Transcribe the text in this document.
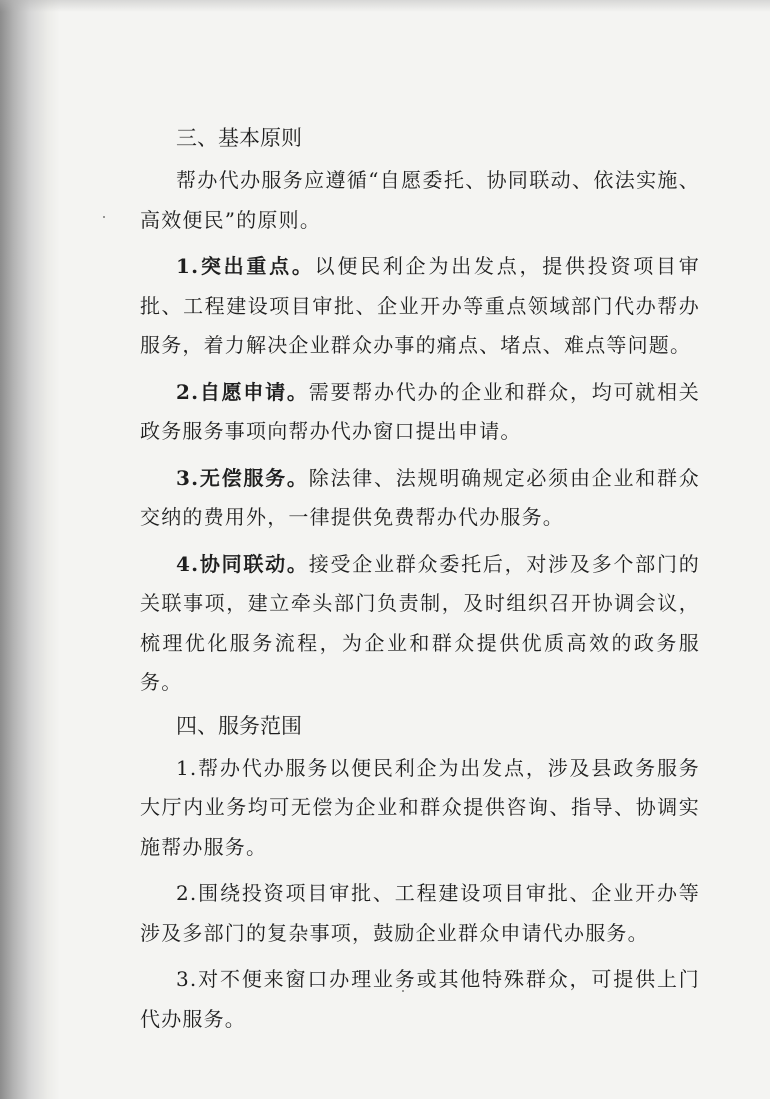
三、基本原则

帮办代办服务应遵循“自愿委托、协同联动、依法实施、高效便民”的原则。

1.突出重点。以便民利企为出发点，提供投资项目审批、工程建设项目审批、企业开办等重点领域部门代办帮办服务，着力解决企业群众办事的痛点、堵点、难点等问题。

2.自愿申请。需要帮办代办的企业和群众，均可就相关政务服务事项向帮办代办窗口提出申请。

3.无偿服务。除法律、法规明确规定必须由企业和群众交纳的费用外，一律提供免费帮办代办服务。

4.协同联动。接受企业群众委托后，对涉及多个部门的关联事项，建立牵头部门负责制，及时组织召开协调会议，梳理优化服务流程，为企业和群众提供优质高效的政务服务。

四、服务范围

1.帮办代办服务以便民利企为出发点，涉及县政务服务大厅内业务均可无偿为企业和群众提供咨询、指导、协调实施帮办服务。

2.围绕投资项目审批、工程建设项目审批、企业开办等涉及多部门的复杂事项，鼓励企业群众申请代办服务。

3.对不便来窗口办理业务或其他特殊群众，可提供上门代办服务。
